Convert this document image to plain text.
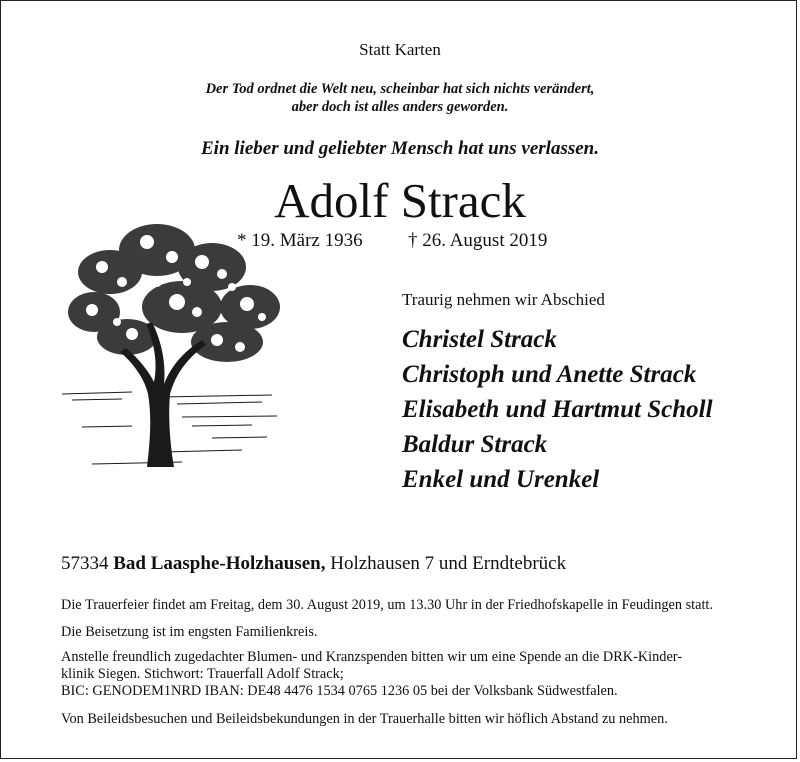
Statt Karten
Der Tod ordnet die Welt neu, scheinbar hat sich nichts verändert,
aber doch ist alles anders geworden.
Ein lieber und geliebter Mensch hat uns verlassen.
Adolf Strack
* 19. März 1936 † 26. August 2019
Traurig nehmen wir Abschied
Christel Strack
Christoph und Anette Strack
Elisabeth und Hartmut Scholl
Baldur Strack
Enkel und Urenkel
57334 Bad Laasphe-Holzhausen, Holzhausen 7 und Erndtebrück
Die Trauerfeier findet am Freitag, dem 30. August 2019, um 13.30 Uhr in der Friedhofskapelle in Feudingen statt.
Die Beisetzung ist im engsten Familienkreis.
Anstelle freundlich zugedachter Blumen- und Kranzspenden bitten wir um eine Spende an die DRK-Kinder-
klinik Siegen. Stichwort: Trauerfall Adolf Strack;
BIC: GENODEM1NRD IBAN: DE48 4476 1534 0765 1236 05 bei der Volksbank Südwestfalen.
Von Beileidsbesuchen und Beileidsbekundungen in der Trauerhalle bitten wir höflich Abstand zu nehmen.
